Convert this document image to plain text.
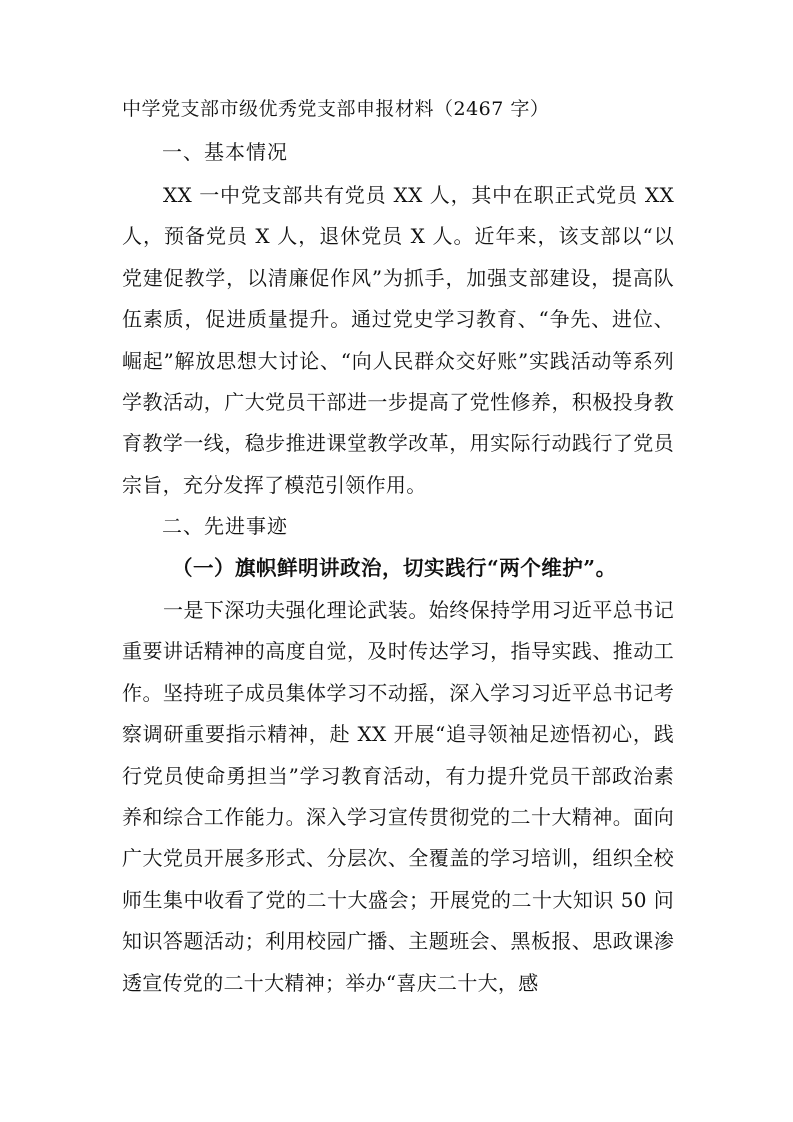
中学党支部市级优秀党支部申报材料（2467 字）
一、基本情况

XX 一中党支部共有党员 XX 人，其中在职正式党员 XX 人，预备党员 X 人，退休党员 X 人。近年来，该支部以“以党建促教学，以清廉促作风”为抓手，加强支部建设，提高队伍素质，促进质量提升。通过党史学习教育、“争先、进位、崛起”解放思想大讨论、“向人民群众交好账”实践活动等系列学教活动，广大党员干部进一步提高了党性修养，积极投身教育教学一线，稳步推进课堂教学改革，用实际行动践行了党员宗旨，充分发挥了模范引领作用。

二、先进事迹
（一）旗帜鲜明讲政治，切实践行“两个维护”。

一是下深功夫强化理论武装。始终保持学用习近平总书记重要讲话精神的高度自觉，及时传达学习，指导实践、推动工作。坚持班子成员集体学习不动摇，深入学习习近平总书记考察调研重要指示精神，赴 XX 开展“追寻领袖足迹悟初心，践行党员使命勇担当”学习教育活动，有力提升党员干部政治素养和综合工作能力。深入学习宣传贯彻党的二十大精神。面向广大党员开展多形式、分层次、全覆盖的学习培训，组织全校师生集中收看了党的二十大盛会；开展党的二十大知识 50 问知识答题活动；利用校园广播、主题班会、黑板报、思政课渗透宣传党的二十大精神；举办“喜庆二十大，感
